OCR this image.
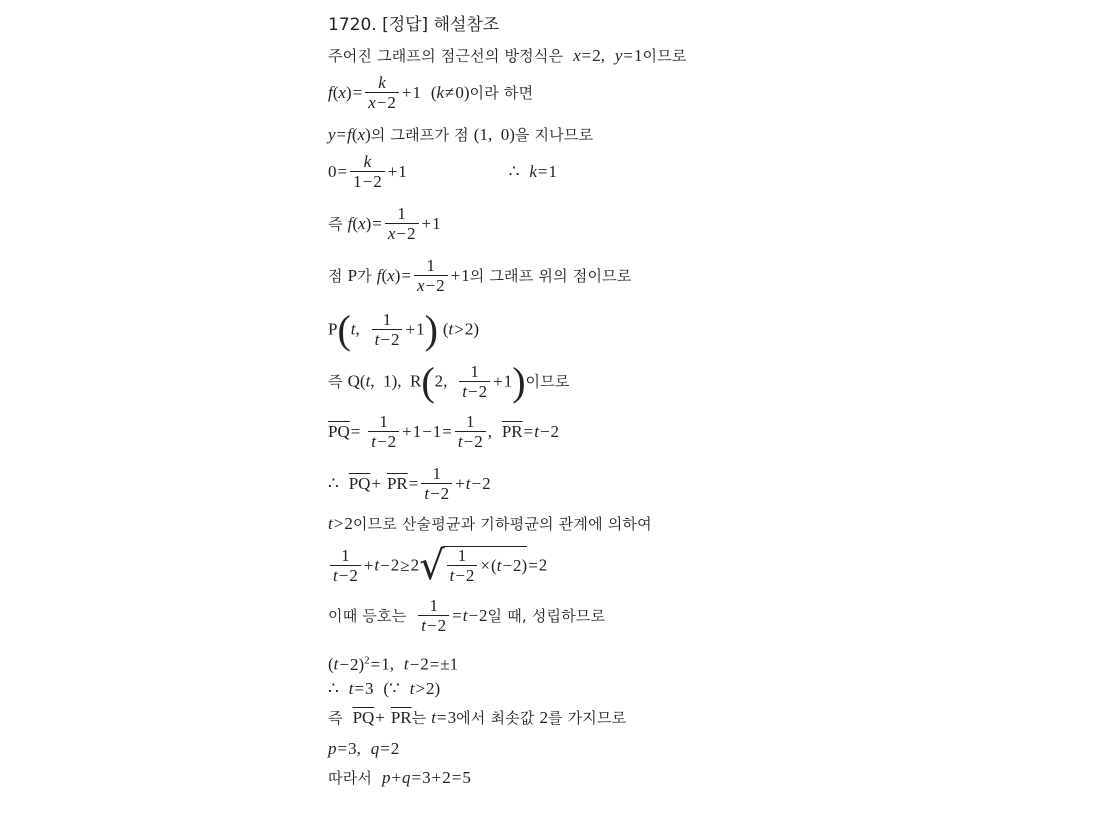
1720. [정답] 해설참조
주어진 그래프의 점근선의 방정식은 x=2, y=1이므로
$f(x)= \frac{k}{x-2} +1$ (k≠0)이라 하면
y=f(x)의 그래프가 점 (1,  0)을 지나므로
$0= \frac{k}{1-2} +1$	∴ k=1
즉 $f(x)= \frac{1}{x-2} +1$
점 P가 $f(x)= \frac{1}{x-2} +1$의 그래프 위의 점이므로
P(t, $\frac{1}{t-2} +1$) (t>2)
즉 Q(t,  1),  R(2, $\frac{1}{t-2} +1$)이므로
$\overline{PQ}= \frac{1}{t-2} +1-1= \frac{1}{t-2}$ , $\overline{PR}=t-2$
∴ $\overline{PQ}+ \overline{PR}= \frac{1}{t-2} +t-2$
t>2이므로 산술평균과 기하평균의 관계에 의하여
$\frac{1}{t-2} +t-2\ge 2√ \frac{1}{t-2} \times(t-2)=2$
이때 등호는 $\frac{1}{t-2} =t-2$일 때, 성립하므로
$(t-2)^2=1$, t−2=±1
∴ t=3 (∵ t>2)
즉 $\overline{PQ}+ \overline{PR}$는 t=3에서 최솟값 2를 가지므로
p=3, q=2
따라서 p+q=3+2=5
